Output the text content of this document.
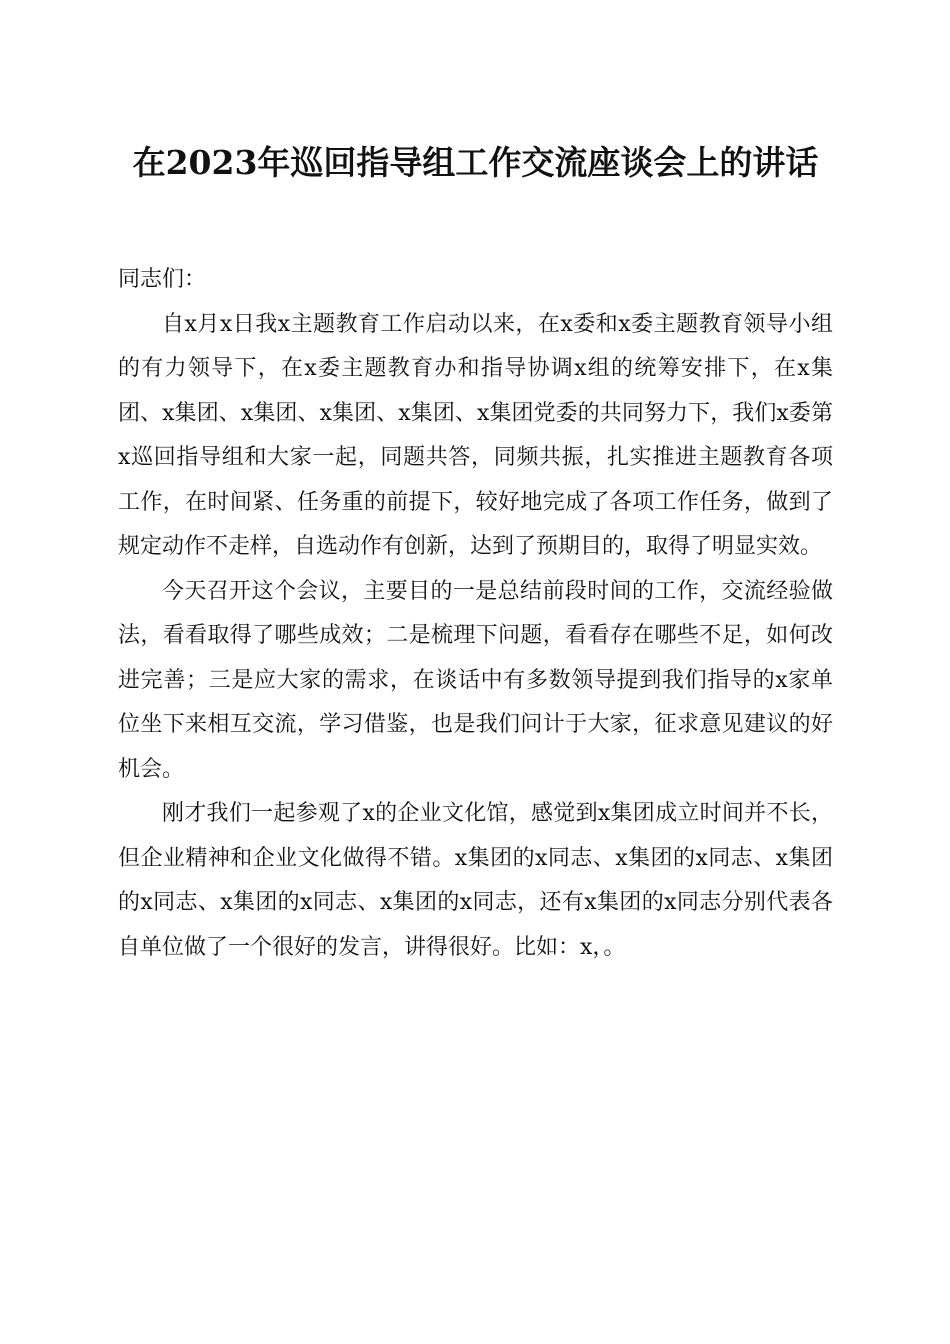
在2023年巡回指导组工作交流座谈会上的讲话

同志们：

自x月x日我x主题教育工作启动以来，在x委和x委主题教育领导小组的有力领导下，在x委主题教育办和指导协调x组的统筹安排下，在x集团、x集团、x集团、x集团、x集团、x集团党委的共同努力下，我们x委第x巡回指导组和大家一起，同题共答，同频共振，扎实推进主题教育各项工作，在时间紧、任务重的前提下，较好地完成了各项工作任务，做到了规定动作不走样，自选动作有创新，达到了预期目的，取得了明显实效。

今天召开这个会议，主要目的一是总结前段时间的工作，交流经验做法，看看取得了哪些成效；二是梳理下问题，看看存在哪些不足，如何改进完善；三是应大家的需求，在谈话中有多数领导提到我们指导的x家单位坐下来相互交流，学习借鉴，也是我们问计于大家，征求意见建议的好机会。

刚才我们一起参观了x的企业文化馆，感觉到x集团成立时间并不长，但企业精神和企业文化做得不错。x集团的x同志、x集团的x同志、x集团的x同志、x集团的x同志、x集团的x同志，还有x集团的x同志分别代表各自单位做了一个很好的发言，讲得很好。比如：x，。
